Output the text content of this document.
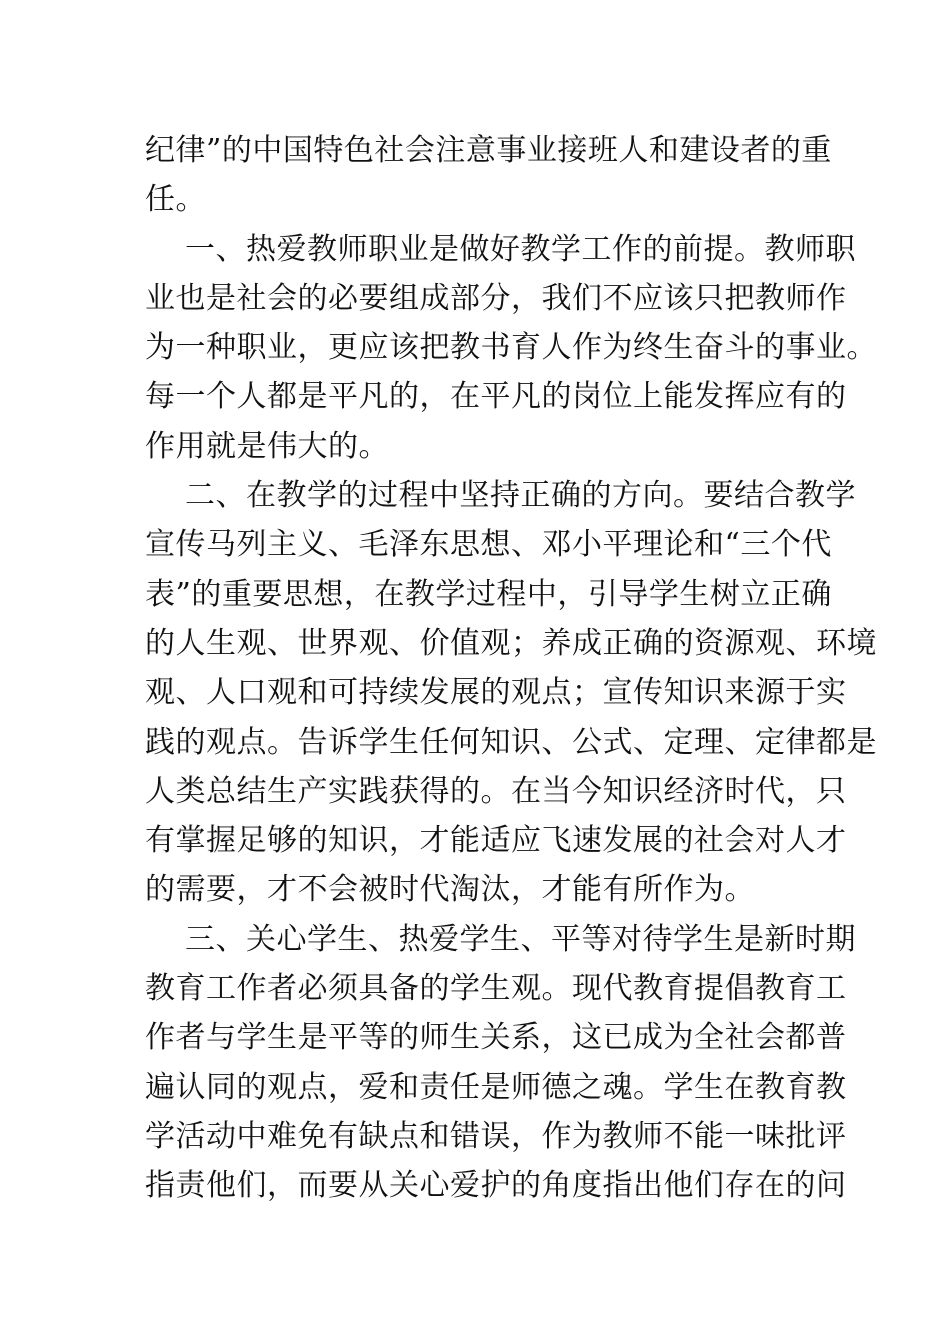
纪律”的中国特色社会注意事业接班人和建设者的重
任。
一、热爱教师职业是做好教学工作的前提。教师职
业也是社会的必要组成部分，我们不应该只把教师作
为一种职业，更应该把教书育人作为终生奋斗的事业。
每一个人都是平凡的，在平凡的岗位上能发挥应有的
作用就是伟大的。
二、在教学的过程中坚持正确的方向。要结合教学
宣传马列主义、毛泽东思想、邓小平理论和“三个代
表”的重要思想，在教学过程中，引导学生树立正确
的人生观、世界观、价值观；养成正确的资源观、环境
观、人口观和可持续发展的观点；宣传知识来源于实
践的观点。告诉学生任何知识、公式、定理、定律都是
人类总结生产实践获得的。在当今知识经济时代，只
有掌握足够的知识，才能适应飞速发展的社会对人才
的需要，才不会被时代淘汰，才能有所作为。
三、关心学生、热爱学生、平等对待学生是新时期
教育工作者必须具备的学生观。现代教育提倡教育工
作者与学生是平等的师生关系，这已成为全社会都普
遍认同的观点，爱和责任是师德之魂。学生在教育教
学活动中难免有缺点和错误，作为教师不能一味批评
指责他们，而要从关心爱护的角度指出他们存在的问
